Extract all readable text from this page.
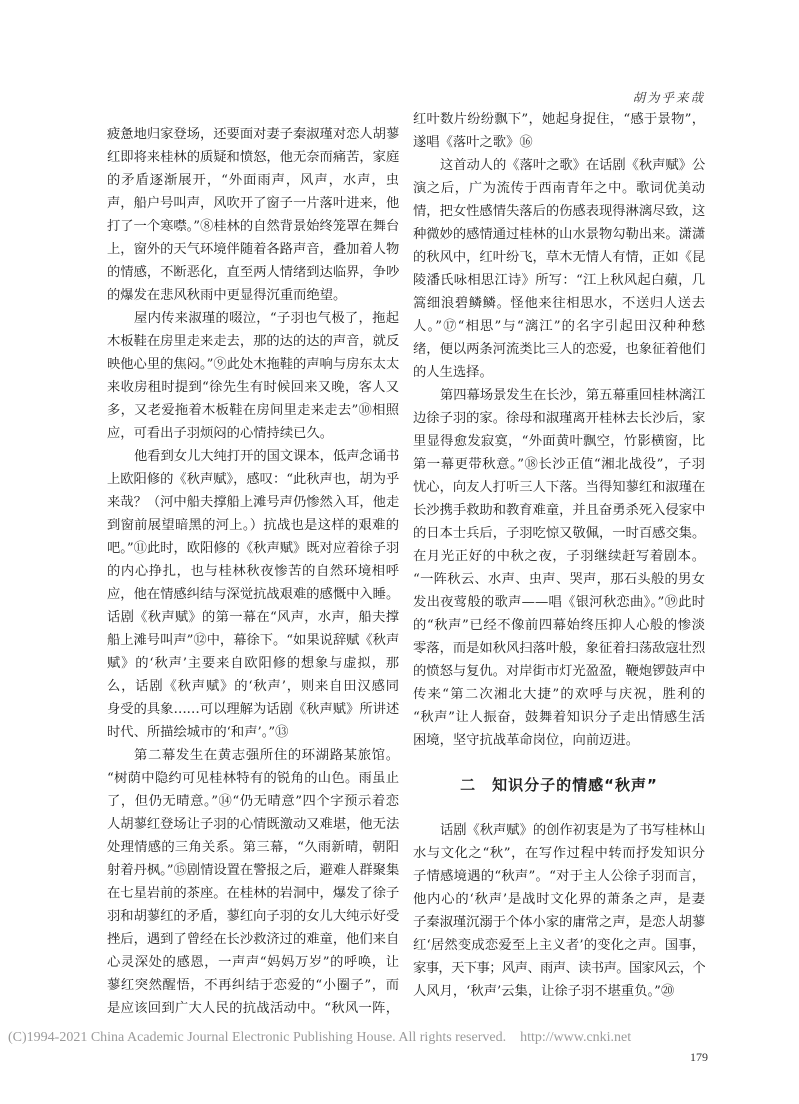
胡为乎来哉
疲惫地归家登场，还要面对妻子秦淑瑾对恋人胡蓼
红即将来桂林的质疑和愤怒，他无奈而痛苦，家庭
的矛盾逐渐展开，“外面雨声，风声，水声，虫
声，船户号叫声，风吹开了窗子一片落叶进来，他
打了一个寒噤。”⑧桂林的自然背景始终笼罩在舞台
上，窗外的天气环境伴随着各路声音，叠加着人物
的情感，不断恶化，直至两人情绪到达临界，争吵
的爆发在悲风秋雨中更显得沉重而绝望。
屋内传来淑瑾的啜泣，“子羽也气极了，拖起
木板鞋在房里走来走去，那的达的达的声音，就反
映他心里的焦闷。”⑨此处木拖鞋的声响与房东太太
来收房租时提到“徐先生有时候回来又晚，客人又
多，又老爱拖着木板鞋在房间里走来走去”⑩相照
应，可看出子羽烦闷的心情持续已久。
他看到女儿大纯打开的国文课本，低声念诵书
上欧阳修的《秋声赋》，感叹：“此秋声也，胡为乎
来哉？（河中船夫撑船上滩号声仍惨然入耳，他走
到窗前展望暗黑的河上。）抗战也是这样的艰难的
吧。”⑪此时，欧阳修的《秋声赋》既对应着徐子羽
的内心挣扎，也与桂林秋夜惨苦的自然环境相呼
应，他在情感纠结与深觉抗战艰难的感慨中入睡。
话剧《秋声赋》的第一幕在“风声，水声，船夫撑
船上滩号叫声”⑫中，幕徐下。“如果说辞赋《秋声
赋》的‘秋声’主要来自欧阳修的想象与虚拟，那
么，话剧《秋声赋》的‘秋声’，则来自田汉感同
身受的具象……可以理解为话剧《秋声赋》所讲述
时代、所描绘城市的‘和声’。”⑬
第二幕发生在黄志强所住的环湖路某旅馆。
“树荫中隐约可见桂林特有的锐角的山色。雨虽止
了，但仍无晴意。”⑭“仍无晴意”四个字预示着恋
人胡蓼红登场让子羽的心情既激动又难堪，他无法
处理情感的三角关系。第三幕，“久雨新晴，朝阳
射着丹枫。”⑮剧情设置在警报之后，避难人群聚集
在七星岩前的茶座。在桂林的岩洞中，爆发了徐子
羽和胡蓼红的矛盾，蓼红向子羽的女儿大纯示好受
挫后，遇到了曾经在长沙救济过的难童，他们来自
心灵深处的感恩，一声声“妈妈万岁”的呼唤，让
蓼红突然醒悟，不再纠结于恋爱的“小圈子”，而
是应该回到广大人民的抗战活动中。“秋风一阵，
红叶数片纷纷飘下”，她起身捉住，“感于景物”，
遂唱《落叶之歌》⑯
这首动人的《落叶之歌》在话剧《秋声赋》公
演之后，广为流传于西南青年之中。歌词优美动
情，把女性感情失落后的伤感表现得淋漓尽致，这
种微妙的感情通过桂林的山水景物勾勒出来。潇潇
的秋风中，红叶纷飞，草木无情人有情，正如《昆
陵潘氏咏相思江诗》所写：“江上秋风起白蘋，几
篙细浪碧鳞鳞。怪他来往相思水，不送归人送去
人。”⑰“相思”与“漓江”的名字引起田汉种种愁
绪，便以两条河流类比三人的恋爱，也象征着他们
的人生选择。
第四幕场景发生在长沙，第五幕重回桂林漓江
边徐子羽的家。徐母和淑瑾离开桂林去长沙后，家
里显得愈发寂寞，“外面黄叶飘空，竹影横窗，比
第一幕更带秋意。”⑱长沙正值“湘北战役”，子羽
忧心，向友人打听三人下落。当得知蓼红和淑瑾在
长沙携手救助和教育难童，并且奋勇杀死入侵家中
的日本士兵后，子羽吃惊又敬佩，一时百感交集。
在月光正好的中秋之夜，子羽继续赶写着剧本。
“一阵秋云、水声、虫声、哭声，那石头般的男女
发出夜莺般的歌声——唱《银河秋恋曲》。”⑲此时
的“秋声”已经不像前四幕始终压抑人心般的惨淡
零落，而是如秋风扫落叶般，象征着扫荡敌寇壮烈
的愤怒与复仇。对岸街市灯光盈盈，鞭炮锣鼓声中
传来“第二次湘北大捷”的欢呼与庆祝，胜利的
“秋声”让人振奋，鼓舞着知识分子走出情感生活
困境，坚守抗战革命岗位，向前迈进。
二　知识分子的情感“秋声”
话剧《秋声赋》的创作初衷是为了书写桂林山
水与文化之“秋”，在写作过程中转而抒发知识分
子情感境遇的“秋声”。“对于主人公徐子羽而言，
他内心的‘秋声’是战时文化界的萧条之声，是妻
子秦淑瑾沉溺于个体小家的庸常之声，是恋人胡蓼
红‘居然变成恋爱至上主义者’的变化之声。国事，
家事，天下事；风声、雨声、读书声。国家风云，个
人风月，‘秋声’云集，让徐子羽不堪重负。”⑳
(C)1994-2021 China Academic Journal Electronic Publishing House. All rights reserved.    http://www.cnki.net
179
